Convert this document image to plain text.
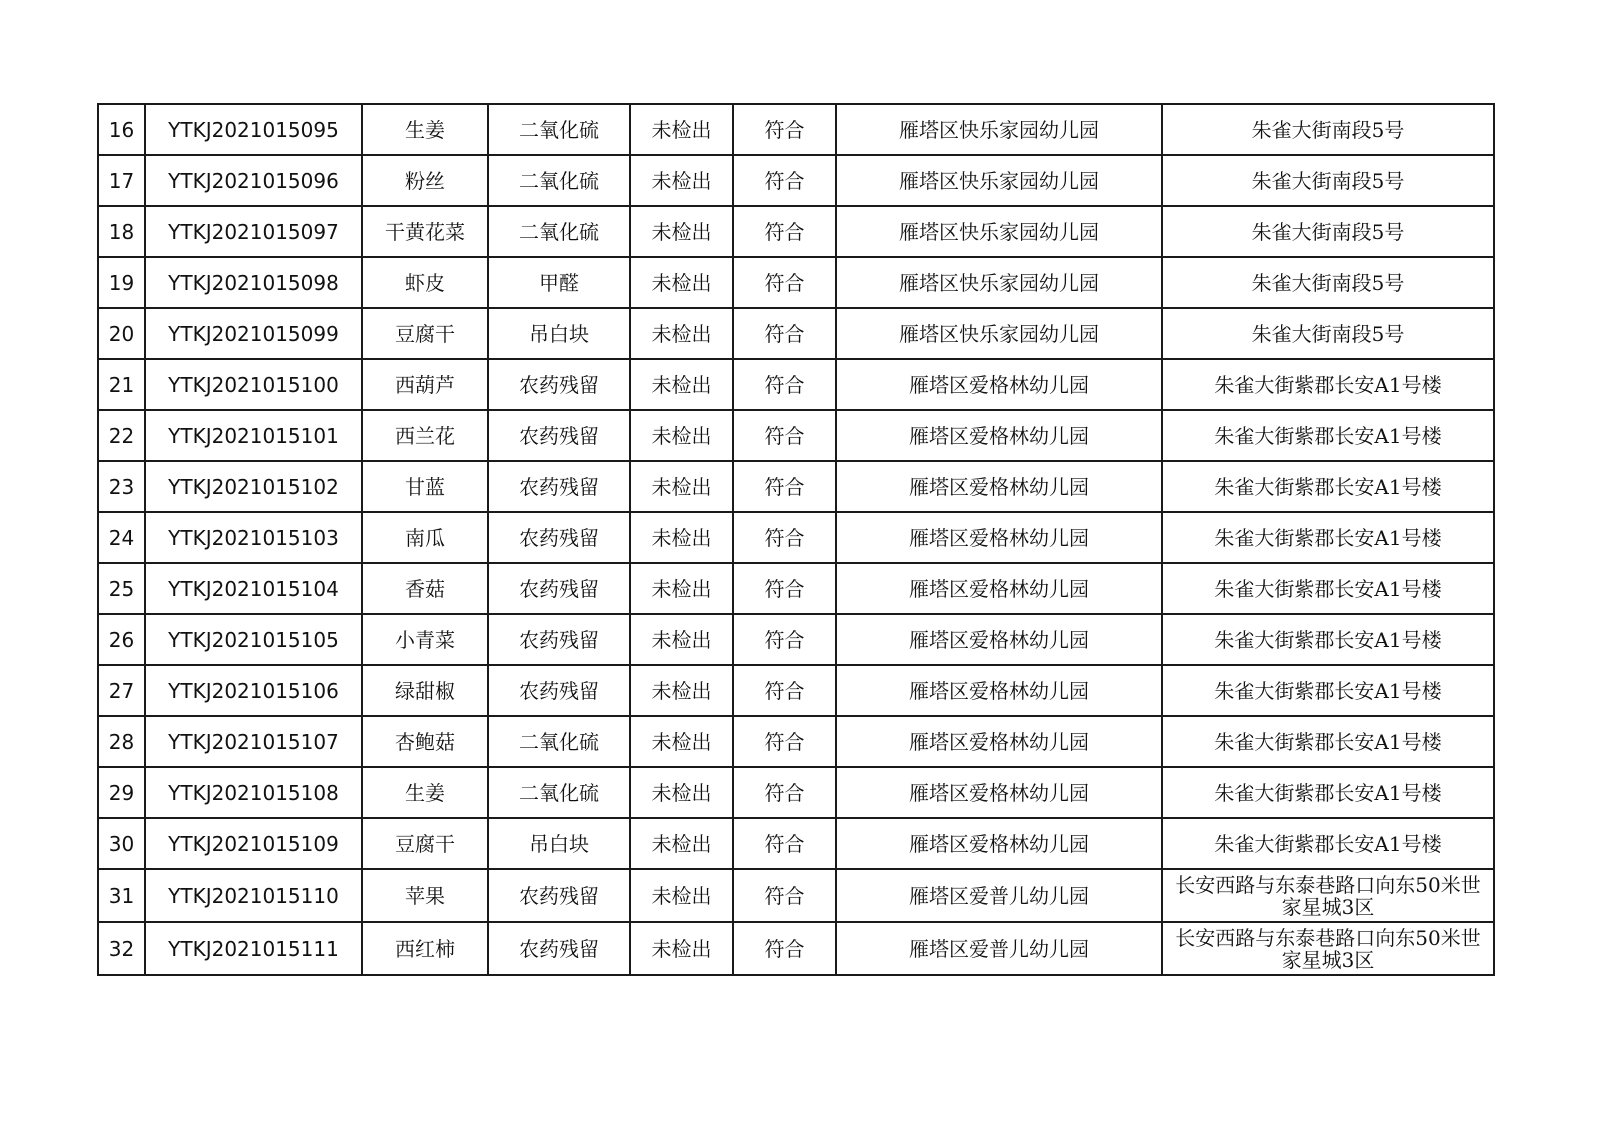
16	YTKJ2021015095	生姜	二氧化硫	未检出	符合	雁塔区快乐家园幼儿园	朱雀大街南段5号
17	YTKJ2021015096	粉丝	二氧化硫	未检出	符合	雁塔区快乐家园幼儿园	朱雀大街南段5号
18	YTKJ2021015097	干黄花菜	二氧化硫	未检出	符合	雁塔区快乐家园幼儿园	朱雀大街南段5号
19	YTKJ2021015098	虾皮	甲醛	未检出	符合	雁塔区快乐家园幼儿园	朱雀大街南段5号
20	YTKJ2021015099	豆腐干	吊白块	未检出	符合	雁塔区快乐家园幼儿园	朱雀大街南段5号
21	YTKJ2021015100	西葫芦	农药残留	未检出	符合	雁塔区爱格林幼儿园	朱雀大街紫郡长安A1号楼
22	YTKJ2021015101	西兰花	农药残留	未检出	符合	雁塔区爱格林幼儿园	朱雀大街紫郡长安A1号楼
23	YTKJ2021015102	甘蓝	农药残留	未检出	符合	雁塔区爱格林幼儿园	朱雀大街紫郡长安A1号楼
24	YTKJ2021015103	南瓜	农药残留	未检出	符合	雁塔区爱格林幼儿园	朱雀大街紫郡长安A1号楼
25	YTKJ2021015104	香菇	农药残留	未检出	符合	雁塔区爱格林幼儿园	朱雀大街紫郡长安A1号楼
26	YTKJ2021015105	小青菜	农药残留	未检出	符合	雁塔区爱格林幼儿园	朱雀大街紫郡长安A1号楼
27	YTKJ2021015106	绿甜椒	农药残留	未检出	符合	雁塔区爱格林幼儿园	朱雀大街紫郡长安A1号楼
28	YTKJ2021015107	杏鲍菇	二氧化硫	未检出	符合	雁塔区爱格林幼儿园	朱雀大街紫郡长安A1号楼
29	YTKJ2021015108	生姜	二氧化硫	未检出	符合	雁塔区爱格林幼儿园	朱雀大街紫郡长安A1号楼
30	YTKJ2021015109	豆腐干	吊白块	未检出	符合	雁塔区爱格林幼儿园	朱雀大街紫郡长安A1号楼
31	YTKJ2021015110	苹果	农药残留	未检出	符合	雁塔区爱普儿幼儿园	长安西路与东泰巷路口向东50米世家星城3区
32	YTKJ2021015111	西红柿	农药残留	未检出	符合	雁塔区爱普儿幼儿园	长安西路与东泰巷路口向东50米世家星城3区
